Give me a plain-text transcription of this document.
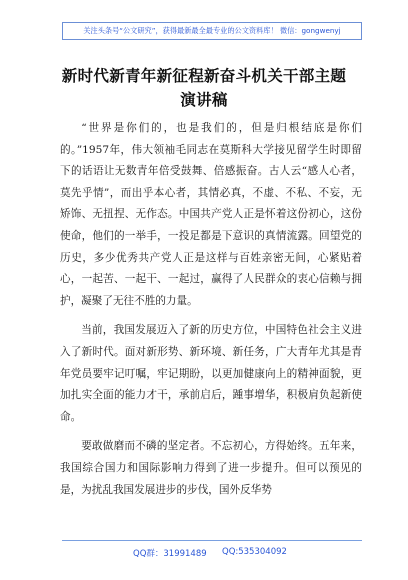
关注头条号“公文研究”，获得最新最全最专业的公文资料库！ 微信：gongwenyj
新时代新青年新征程新奋斗机关干部主题
演讲稿

“世界是你们的，也是我们的，但是归根结底是你们的。”1957年，伟大领袖毛同志在莫斯科大学接见留学生时即留下的话语让无数青年倍受鼓舞、倍感振奋。古人云“感人心者，莫先乎情”，而出乎本心者，其情必真，不虚、不私、不妄，无矫饰、无扭捏、无作态。中国共产党人正是怀着这份初心，这份使命，他们的一举手，一投足都是下意识的真情流露。回望党的历史，多少优秀共产党人正是这样与百姓亲密无间，心紧贴着心，一起苦、一起干、一起过，赢得了人民群众的衷心信赖与拥护，凝聚了无往不胜的力量。

当前，我国发展迈入了新的历史方位，中国特色社会主义进入了新时代。面对新形势、新环境、新任务，广大青年尤其是青年党员要牢记叮嘱，牢记期盼，以更加健康向上的精神面貌，更加扎实全面的能力才干，承前启后，踵事增华，积极肩负起新使命。

要敢做磨而不磷的坚定者。不忘初心，方得始终。五年来，我国综合国力和国际影响力得到了进一步提升。但可以预见的是，为扰乱我国发展进步的步伐，国外反华势

QQ群：31991489 QQ:535304092
